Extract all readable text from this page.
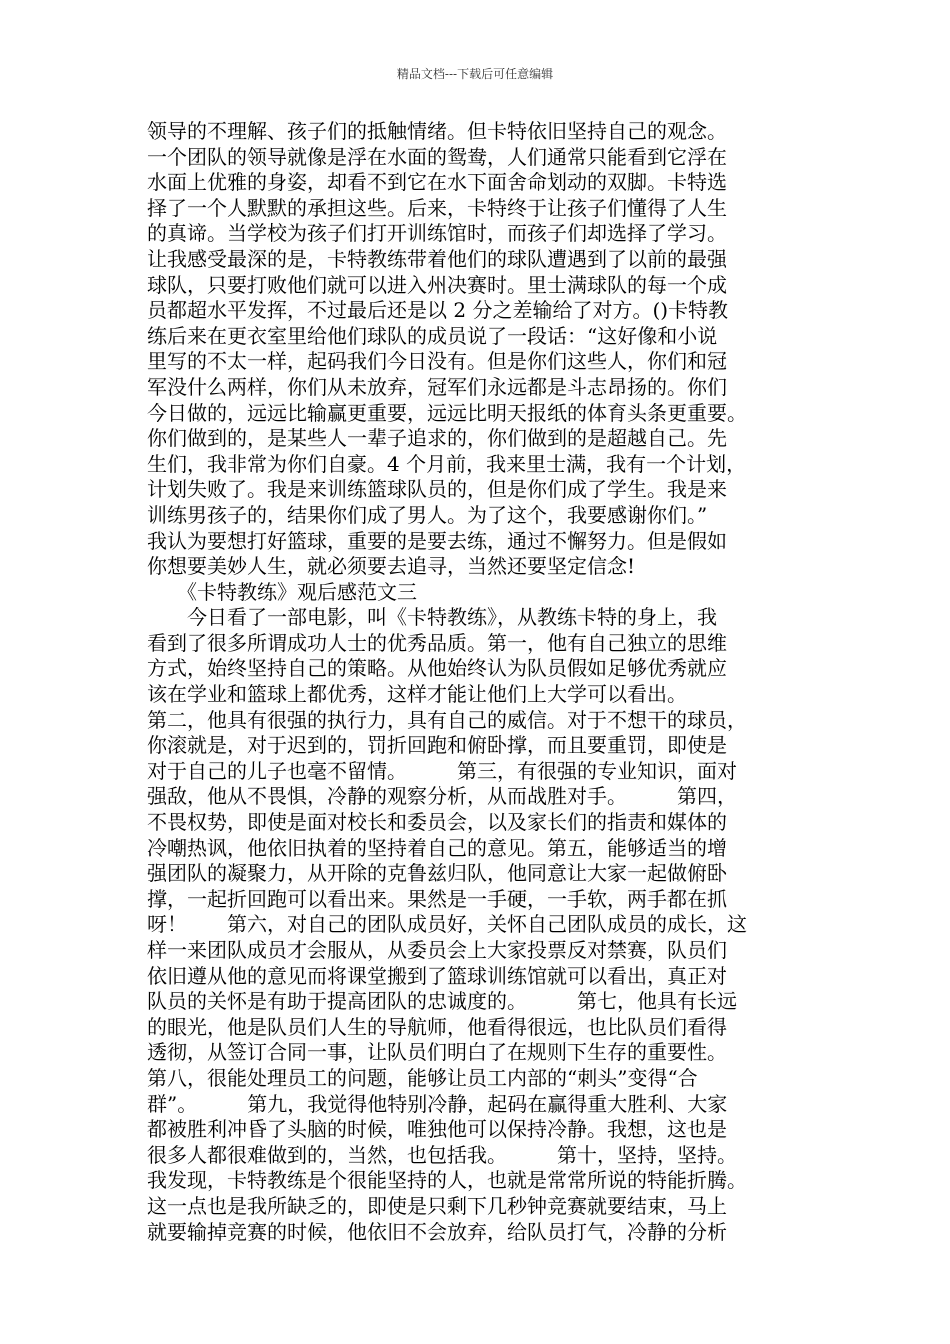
精品文档---下载后可任意编辑
领导的不理解、孩子们的抵触情绪。但卡特依旧坚持自己的观念。
一个团队的领导就像是浮在水面的鸳鸯，人们通常只能看到它浮在
水面上优雅的身姿，却看不到它在水下面舍命划动的双脚。卡特选
择了一个人默默的承担这些。后来，卡特终于让孩子们懂得了人生
的真谛。当学校为孩子们打开训练馆时，而孩子们却选择了学习。
让我感受最深的是，卡特教练带着他们的球队遭遇到了以前的最强
球队，只要打败他们就可以进入州决赛时。里士满球队的每一个成
员都超水平发挥，不过最后还是以 2 分之差输给了对方。()卡特教
练后来在更衣室里给他们球队的成员说了一段话：“这好像和小说
里写的不太一样，起码我们今日没有。但是你们这些人，你们和冠
军没什么两样，你们从未放弃，冠军们永远都是斗志昂扬的。你们
今日做的，远远比输赢更重要，远远比明天报纸的体育头条更重要。
你们做到的，是某些人一辈子追求的，你们做到的是超越自己。先
生们，我非常为你们自豪。4 个月前，我来里士满，我有一个计划，
计划失败了。我是来训练篮球队员的，但是你们成了学生。我是来
训练男孩子的，结果你们成了男人。为了这个，我要感谢你们。”
我认为要想打好篮球，重要的是要去练，通过不懈努力。但是假如
你想要美妙人生，就必须要去追寻，当然还要坚定信念!
　　《卡特教练》观后感范文三
　　今日看了一部电影，叫《卡特教练》，从教练卡特的身上，我
看到了很多所谓成功人士的优秀品质。第一，他有自己独立的思维
方式，始终坚持自己的策略。从他始终认为队员假如足够优秀就应
该在学业和篮球上都优秀，这样才能让他们上大学可以看出。
第二，他具有很强的执行力，具有自己的威信。对于不想干的球员，
你滚就是，对于迟到的，罚折回跑和俯卧撑，而且要重罚，即使是
对于自己的儿子也毫不留情。　　　第三，有很强的专业知识，面对
强敌，他从不畏惧，冷静的观察分析，从而战胜对手。　　　第四，
不畏权势，即使是面对校长和委员会，以及家长们的指责和媒体的
冷嘲热讽，他依旧执着的坚持着自己的意见。第五，能够适当的增
强团队的凝聚力，从开除的克鲁兹归队，他同意让大家一起做俯卧
撑，一起折回跑可以看出来。果然是一手硬，一手软，两手都在抓
呀！　　第六，对自己的团队成员好，关怀自己团队成员的成长，这
样一来团队成员才会服从，从委员会上大家投票反对禁赛，队员们
依旧遵从他的意见而将课堂搬到了篮球训练馆就可以看出，真正对
队员的关怀是有助于提高团队的忠诚度的。　　　第七，他具有长远
的眼光，他是队员们人生的导航师，他看得很远，也比队员们看得
透彻，从签订合同一事，让队员们明白了在规则下生存的重要性。
第八，很能处理员工的问题，能够让员工内部的“刺头”变得“合
群”。　　　第九，我觉得他特别冷静，起码在赢得重大胜利、大家
都被胜利冲昏了头脑的时候，唯独他可以保持冷静。我想，这也是
很多人都很难做到的，当然，也包括我。　　　第十，坚持，坚持。
我发现，卡特教练是个很能坚持的人，也就是常常所说的特能折腾。
这一点也是我所缺乏的，即使是只剩下几秒钟竞赛就要结束，马上
就要输掉竞赛的时候，他依旧不会放弃，给队员打气，冷静的分析
